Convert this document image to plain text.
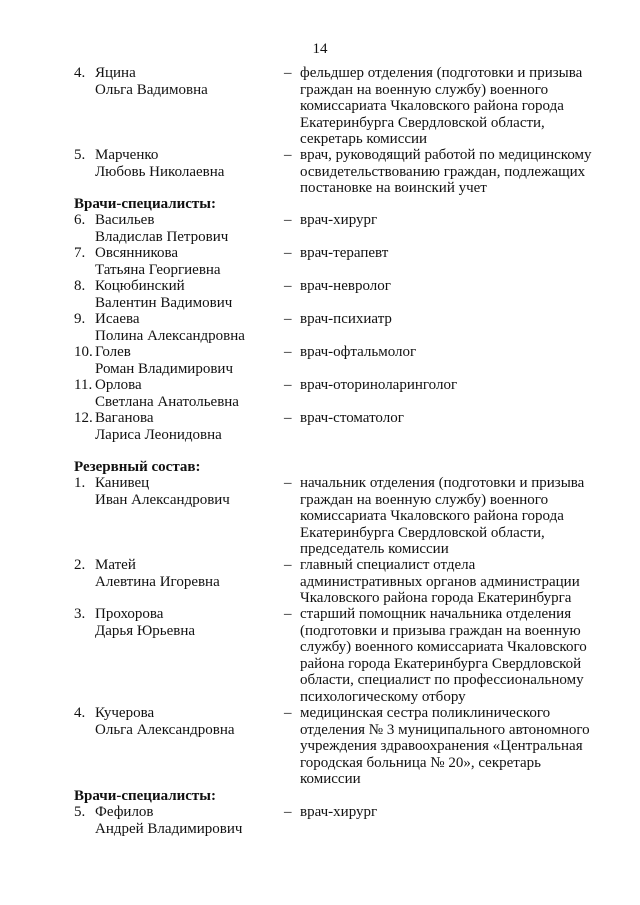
14
4. Яцина
Ольга Вадимовна
– фельдшер отделения (подготовки и призыва
граждан на военную службу) военного
комиссариата Чкаловского района города
Екатеринбурга Свердловской области,
секретарь комиссии
5. Марченко
Любовь Николаевна
– врач, руководящий работой по медицинскому
освидетельствованию граждан, подлежащих
постановке на воинский учет
Врачи-специалисты:
6. Васильев
Владислав Петрович
– врач-хирург
7. Овсянникова
Татьяна Георгиевна
– врач-терапевт
8. Коцюбинский
Валентин Вадимович
– врач-невролог
9. Исаева
Полина Александровна
– врач-психиатр
10. Голев
Роман Владимирович
– врач-офтальмолог
11. Орлова
Светлана Анатольевна
– врач-оториноларинголог
12. Ваганова
Лариса Леонидовна
– врач-стоматолог
Резервный состав:
1. Канивец
Иван Александрович
– начальник отделения (подготовки и призыва
граждан на военную службу) военного
комиссариата Чкаловского района города
Екатеринбурга Свердловской области,
председатель комиссии
2. Матей
Алевтина Игоревна
– главный специалист отдела
административных органов администрации
Чкаловского района города Екатеринбурга
3. Прохорова
Дарья Юрьевна
– старший помощник начальника отделения
(подготовки и призыва граждан на военную
службу) военного комиссариата Чкаловского
района города Екатеринбурга Свердловской
области, специалист по профессиональному
психологическому отбору
4. Кучерова
Ольга Александровна
– медицинская сестра поликлинического
отделения № 3 муниципального автономного
учреждения здравоохранения «Центральная
городская больница № 20», секретарь
комиссии
Врачи-специалисты:
5. Фефилов
Андрей Владимирович
– врач-хирург
